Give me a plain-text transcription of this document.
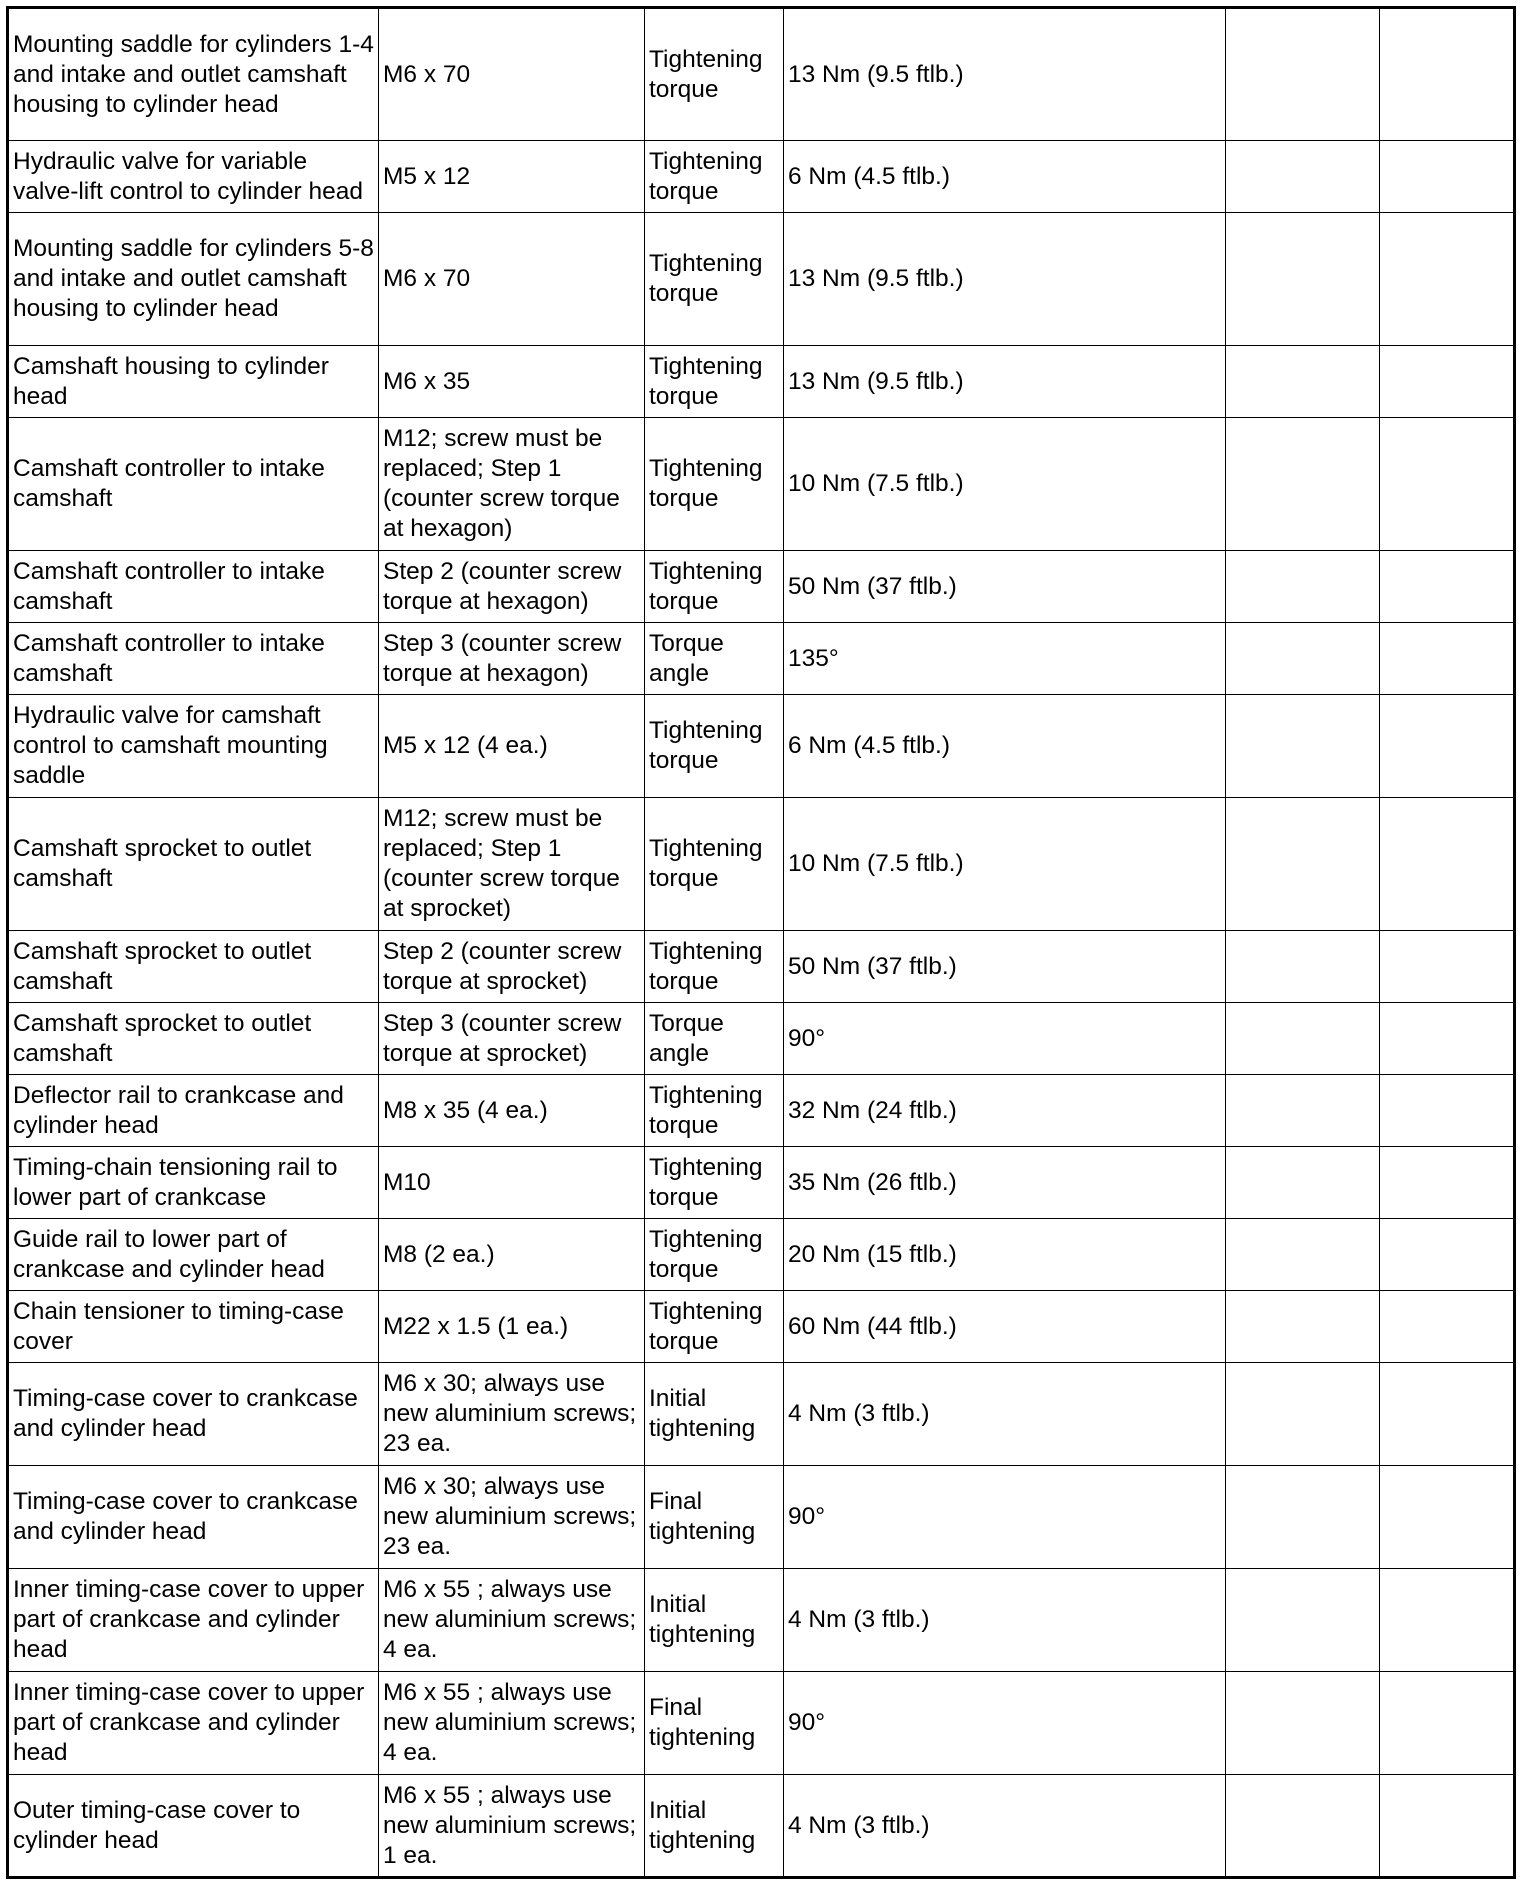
Mounting saddle for cylinders 1-4 and intake and outlet camshaft housing to cylinder head	M6 x 70	Tightening torque	13 Nm (9.5 ftlb.)		
Hydraulic valve for variable valve-lift control to cylinder head	M5 x 12	Tightening torque	6 Nm (4.5 ftlb.)		
Mounting saddle for cylinders 5-8 and intake and outlet camshaft housing to cylinder head	M6 x 70	Tightening torque	13 Nm (9.5 ftlb.)		
Camshaft housing to cylinder head	M6 x 35	Tightening torque	13 Nm (9.5 ftlb.)		
Camshaft controller to intake camshaft	M12; screw must be replaced; Step 1 (counter screw torque at hexagon)	Tightening torque	10 Nm (7.5 ftlb.)		
Camshaft controller to intake camshaft	Step 2 (counter screw torque at hexagon)	Tightening torque	50 Nm (37 ftlb.)		
Camshaft controller to intake camshaft	Step 3 (counter screw torque at hexagon)	Torque angle	135°		
Hydraulic valve for camshaft control to camshaft mounting saddle	M5 x 12 (4 ea.)	Tightening torque	6 Nm (4.5 ftlb.)		
Camshaft sprocket to outlet camshaft	M12; screw must be replaced; Step 1 (counter screw torque at sprocket)	Tightening torque	10 Nm (7.5 ftlb.)		
Camshaft sprocket to outlet camshaft	Step 2 (counter screw torque at sprocket)	Tightening torque	50 Nm (37 ftlb.)		
Camshaft sprocket to outlet camshaft	Step 3 (counter screw torque at sprocket)	Torque angle	90°		
Deflector rail to crankcase and cylinder head	M8 x 35 (4 ea.)	Tightening torque	32 Nm (24 ftlb.)		
Timing-chain tensioning rail to lower part of crankcase	M10	Tightening torque	35 Nm (26 ftlb.)		
Guide rail to lower part of crankcase and cylinder head	M8 (2 ea.)	Tightening torque	20 Nm (15 ftlb.)		
Chain tensioner to timing-case cover	M22 x 1.5 (1 ea.)	Tightening torque	60 Nm (44 ftlb.)		
Timing-case cover to crankcase and cylinder head	M6 x 30; always use new aluminium screws; 23 ea.	Initial tightening	4 Nm (3 ftlb.)		
Timing-case cover to crankcase and cylinder head	M6 x 30; always use new aluminium screws; 23 ea.	Final tightening	90°		
Inner timing-case cover to upper part of crankcase and cylinder head	M6 x 55 ; always use new aluminium screws; 4 ea.	Initial tightening	4 Nm (3 ftlb.)		
Inner timing-case cover to upper part of crankcase and cylinder head	M6 x 55 ; always use new aluminium screws; 4 ea.	Final tightening	90°		
Outer timing-case cover to cylinder head	M6 x 55 ; always use new aluminium screws; 1 ea.	Initial tightening	4 Nm (3 ftlb.)		
